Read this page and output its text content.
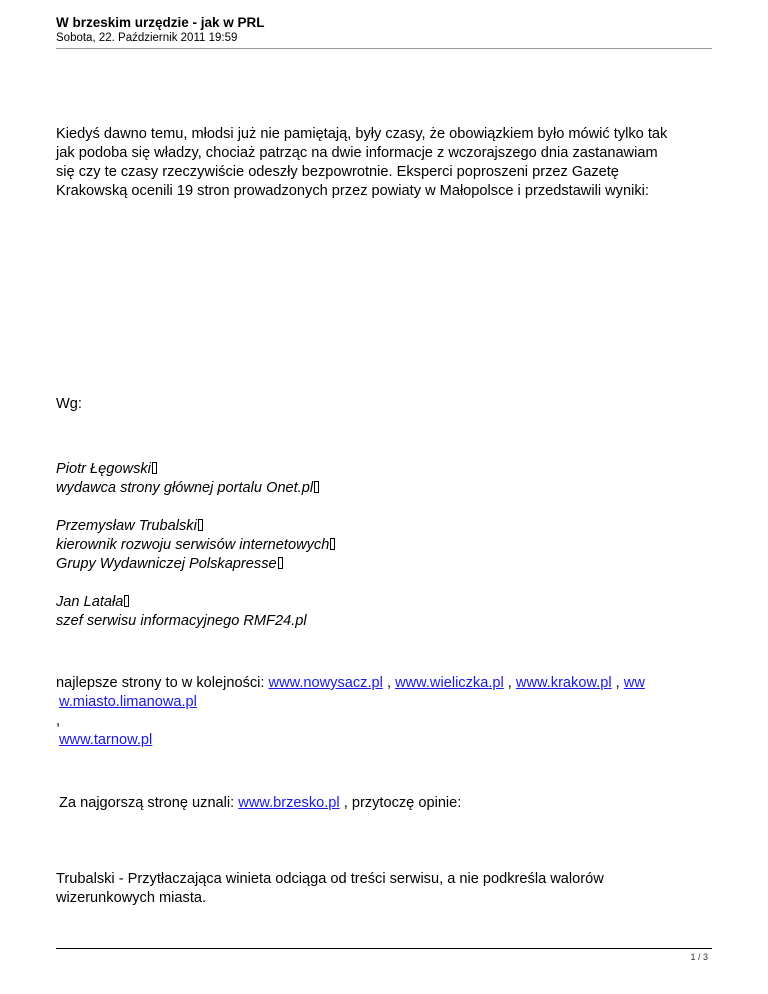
W brzeskim urzędzie - jak w PRL
Sobota, 22. Październik 2011 19:59
Kiedyś dawno temu, młodsi już nie pamiętają, były czasy, że obowiązkiem było mówić tylko tak
jak podoba się władzy, chociaż patrząc na dwie informacje z wczorajszego dnia zastanawiam
się czy te czasy rzeczywiście odeszły bezpowrotnie. Eksperci poproszeni przez Gazetę
Krakowską ocenili 19 stron prowadzonych przez powiaty w Małopolsce i przedstawili wyniki:
Wg:
Piotr Łęgowski
wydawca strony głównej portalu Onet.pl
Przemysław Trubalski
kierownik rozwoju serwisów internetowych
Grupy Wydawniczej Polskapresse
Jan Latała
szef serwisu informacyjnego RMF24.pl
najlepsze strony to w kolejności: www.nowysacz.pl , www.wieliczka.pl , www.krakow.pl , ww
w.miasto.limanowa.pl
,
www.tarnow.pl
Za najgorszą stronę uznali: www.brzesko.pl , przytoczę opinie:
Trubalski - Przytłaczająca winieta odciąga od treści serwisu, a nie podkreśla walorów
wizerunkowych miasta.
1 / 3
